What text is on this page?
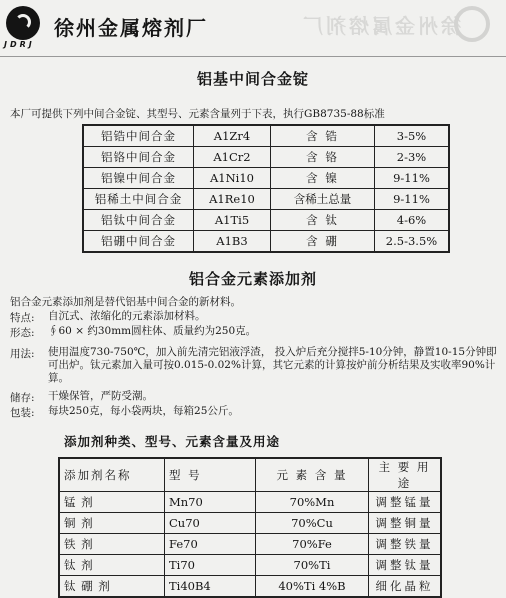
JDRJ
徐州金属熔剂厂	徐州金属熔剂厂
铝基中间合金锭
本厂可提供下列中间合金锭、其型号、元素含量列于下表，执行GB8735-88标准
铝锆中间合金	A1Zr4	含 锆	3-5%
铝铬中间合金	A1Cr2	含 铬	2-3%
铝镍中间合金	A1Ni10	含 镍	9-11%
铝稀土中间合金	A1Re10	含稀土总量	9-11%
铝钛中间合金	A1Ti5	含 钛	4-6%
铝硼中间合金	A1B3	含 硼	2.5-3.5%
铝合金元素添加剂
铝合金元素添加剂是替代铝基中间合金的新材料。
特点: 自沉式、浓缩化的元素添加材料。
形态: ∮60 × 约30mm圆柱体、质量约为250克。
用法: 使用温度730-750℃，加入前先清完铝液浮渣， 投入炉后充分搅拌5-10分钟，静置10-15分钟即可出炉。钛元素加入量可按0.015-0.02%计算，其它元素的计算按炉前分析结果及实收率90%计算。
储存: 干燥保管，严防受潮。
包装: 每块250克，每小袋两块，每箱25公斤。
添加剂种类、型号、元素含量及用途
添加剂名称	型 号	元 素 含 量	主 要 用 途
锰 剂	Mn70	70%Mn	调整锰量
铜 剂	Cu70	70%Cu	调整铜量
铁 剂	Fe70	70%Fe	调整铁量
钛 剂	Ti70	70%Ti	调整钛量
钛 硼 剂	Ti40B4	40%Ti 4%B	细化晶粒
